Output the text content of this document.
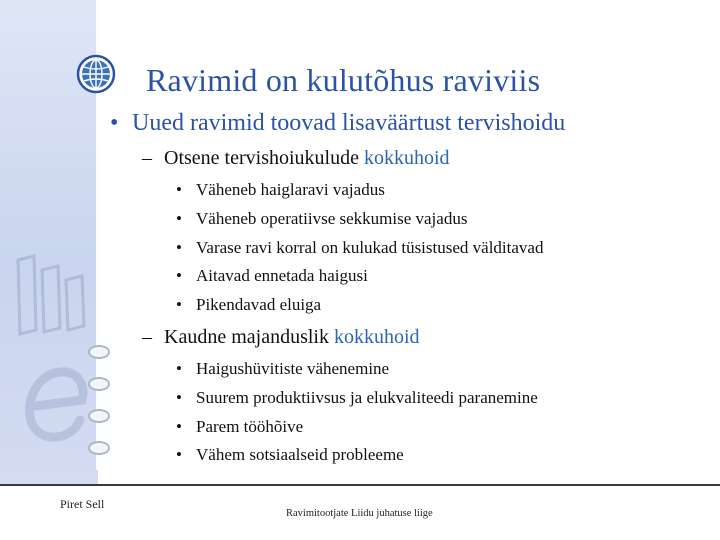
Ravimid on kulutõhus raviviis
• Uued ravimid toovad lisaväärtust tervishoidu
– Otsene tervishoiukulude kokkuhoid
• Väheneb haiglaravi vajadus
• Väheneb operatiivse sekkumise vajadus
• Varase ravi korral on kulukad tüsistused välditavad
• Aitavad ennetada haigusi
• Pikendavad eluiga
– Kaudne majanduslik kokkuhoid
• Haigushüvitiste vähenemine
• Suurem produktiivsus ja elukvaliteedi paranemine
• Parem tööhõive
• Vähem sotsiaalseid probleeme
Piret Sell
Ravimitootjate Liidu juhatuse liige
